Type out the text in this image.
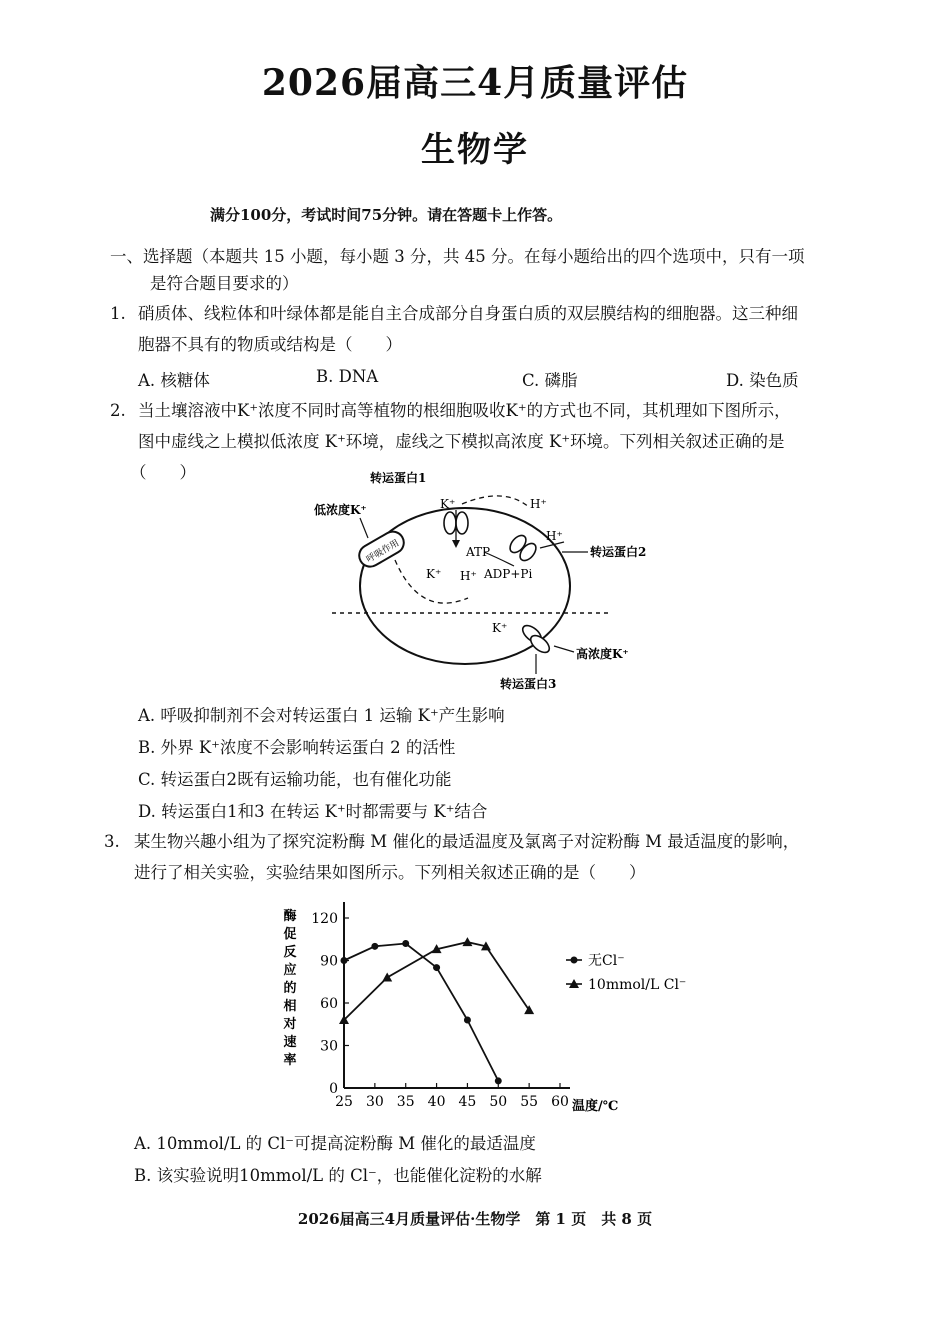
2026届高三4月质量评估
生物学
满分100分，考试时间75分钟。请在答题卡上作答。
一、选择题（本题共 15 小题，每小题 3 分，共 45 分。在每小题给出的四个选项中，只有一项
是符合题目要求的）
1. 硝质体、线粒体和叶绿体都是能自主合成部分自身蛋白质的双层膜结构的细胞器。这三种细
胞器不具有的物质或结构是（　　）
A. 核糖体	B. DNA	C. 磷脂	D. 染色质
2. 当土壤溶液中K⁺浓度不同时高等植物的根细胞吸收K⁺的方式也不同，其机理如下图所示，
图中虚线之上模拟低浓度 K⁺环境，虚线之下模拟高浓度 K⁺环境。下列相关叙述正确的是
（　　）
呼吸作用
转运蛋白1
低浓度K⁺	K⁺	H⁺
H⁺
转运蛋白2
ATP
K⁺ H⁺ ADP+Pi
K⁺
高浓度K⁺
转运蛋白3
A. 呼吸抑制剂不会对转运蛋白 1 运输 K⁺产生影响
B. 外界 K⁺浓度不会影响转运蛋白 2 的活性
C. 转运蛋白2既有运输功能，也有催化功能
D. 转运蛋白1和3 在转运 K⁺时都需要与 K⁺结合
3. 某生物兴趣小组为了探究淀粉酶 M 催化的最适温度及氯离子对淀粉酶 M 最适温度的影响，
进行了相关实验，实验结果如图所示。下列相关叙述正确的是（　　）
25 30 35 40 45 50 55 60
0
30
60
90
120
酶
促
反
应
的
相
对
速
率
温度/℃
无Cl⁻
10mmol/L Cl⁻
A. 10mmol/L 的 Cl⁻可提高淀粉酶 M 催化的最适温度
B. 该实验说明10mmol/L 的 Cl⁻，也能催化淀粉的水解
2026届高三4月质量评估·生物学　第 1 页　共 8 页
